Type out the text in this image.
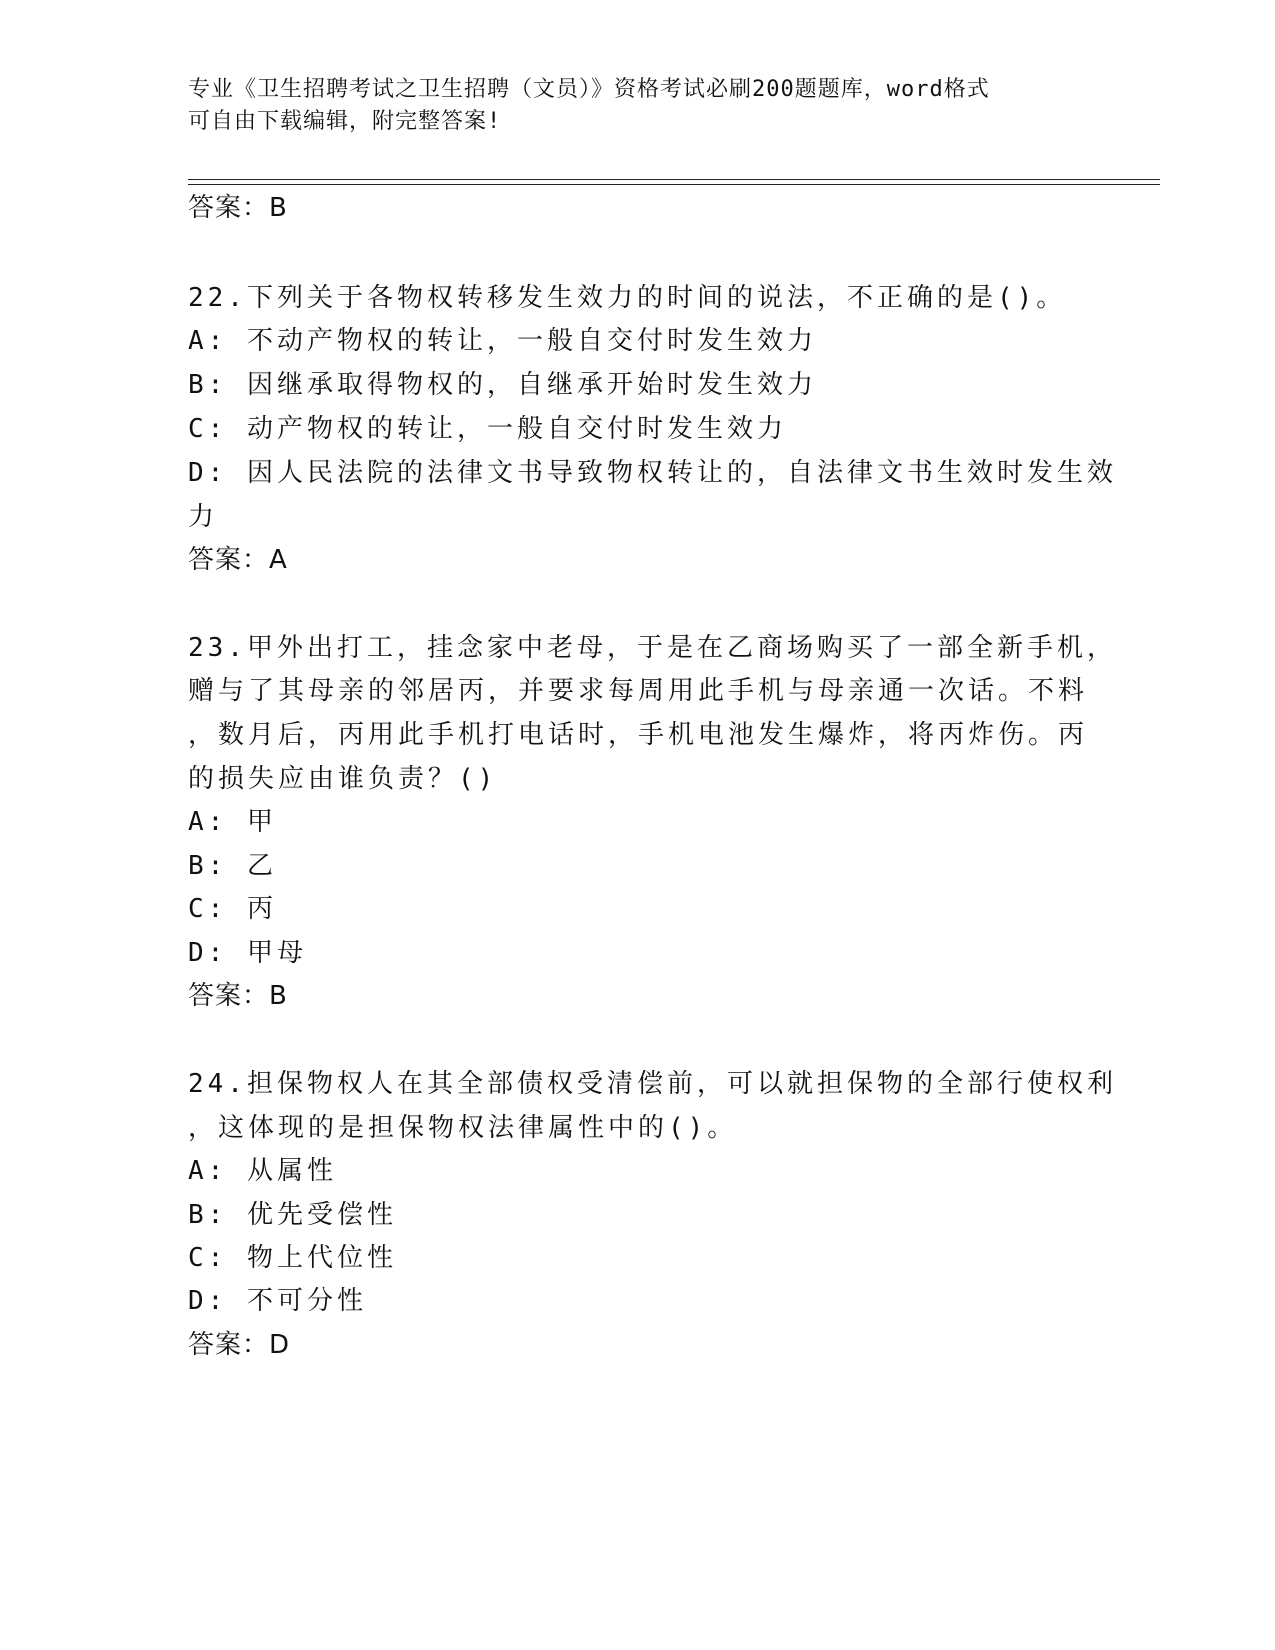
专业《卫生招聘考试之卫生招聘（文员）》资格考试必刷200题题库，word格式
可自由下载编辑，附完整答案!
答案：B
22.下列关于各物权转移发生效力的时间的说法，不正确的是()。
A: 不动产物权的转让，一般自交付时发生效力
B: 因继承取得物权的，自继承开始时发生效力
C: 动产物权的转让，一般自交付时发生效力
D: 因人民法院的法律文书导致物权转让的，自法律文书生效时发生效
力
答案：A
23.甲外出打工，挂念家中老母，于是在乙商场购买了一部全新手机，
赠与了其母亲的邻居丙，并要求每周用此手机与母亲通一次话。不料
，数月后，丙用此手机打电话时，手机电池发生爆炸，将丙炸伤。丙
的损失应由谁负责？()
A: 甲
B: 乙
C: 丙
D: 甲母
答案：B
24.担保物权人在其全部债权受清偿前，可以就担保物的全部行使权利
，这体现的是担保物权法律属性中的()。
A: 从属性
B: 优先受偿性
C: 物上代位性
D: 不可分性
答案：D
